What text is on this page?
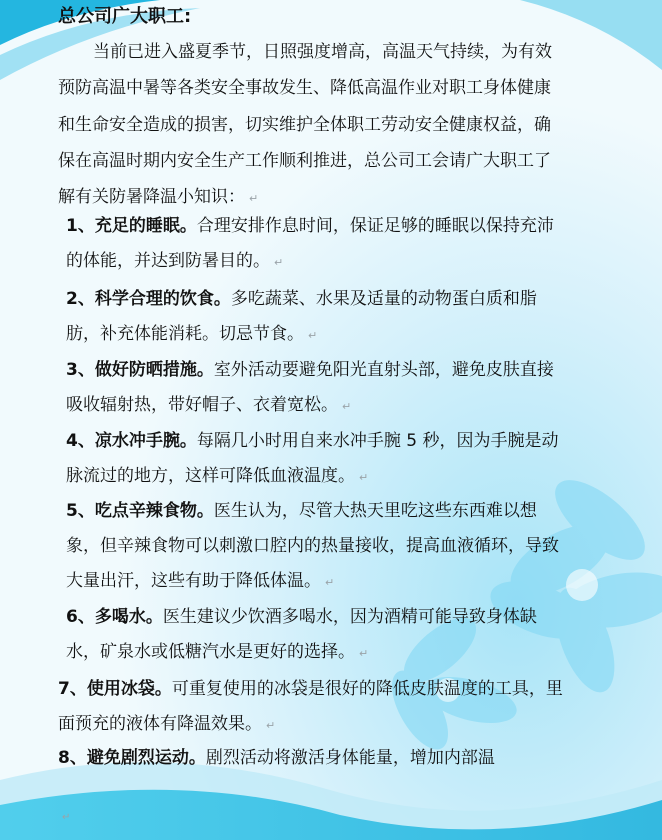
总公司广大职工:

当前已进入盛夏季节，日照强度增高，高温天气持续，为有效预防高温中暑等各类安全事故发生、降低高温作业对职工身体健康和生命安全造成的损害，切实维护全体职工劳动安全健康权益，确保在高温时期内安全生产工作顺利推进，总公司工会请广大职工了解有关防暑降温小知识： ↵

1、充足的睡眠。合理安排作息时间，保证足够的睡眠以保持充沛的体能，并达到防暑目的。 ↵

2、科学合理的饮食。多吃蔬菜、水果及适量的动物蛋白质和脂肪，补充体能消耗。切忌节食。 ↵

3、做好防晒措施。室外活动要避免阳光直射头部，避免皮肤直接吸收辐射热，带好帽子、衣着宽松。 ↵

4、凉水冲手腕。每隔几小时用自来水冲手腕 5 秒，因为手腕是动脉流过的地方，这样可降低血液温度。 ↵

5、吃点辛辣食物。医生认为，尽管大热天里吃这些东西难以想象，但辛辣食物可以刺激口腔内的热量接收，提高血液循环，导致大量出汗，这些有助于降低体温。 ↵

6、多喝水。医生建议少饮酒多喝水，因为酒精可能导致身体缺水，矿泉水或低糖汽水是更好的选择。 ↵

7、使用冰袋。可重复使用的冰袋是很好的降低皮肤温度的工具，里面预充的液体有降温效果。 ↵

8、避免剧烈运动。剧烈活动将激活身体能量，增加内部温

↵
